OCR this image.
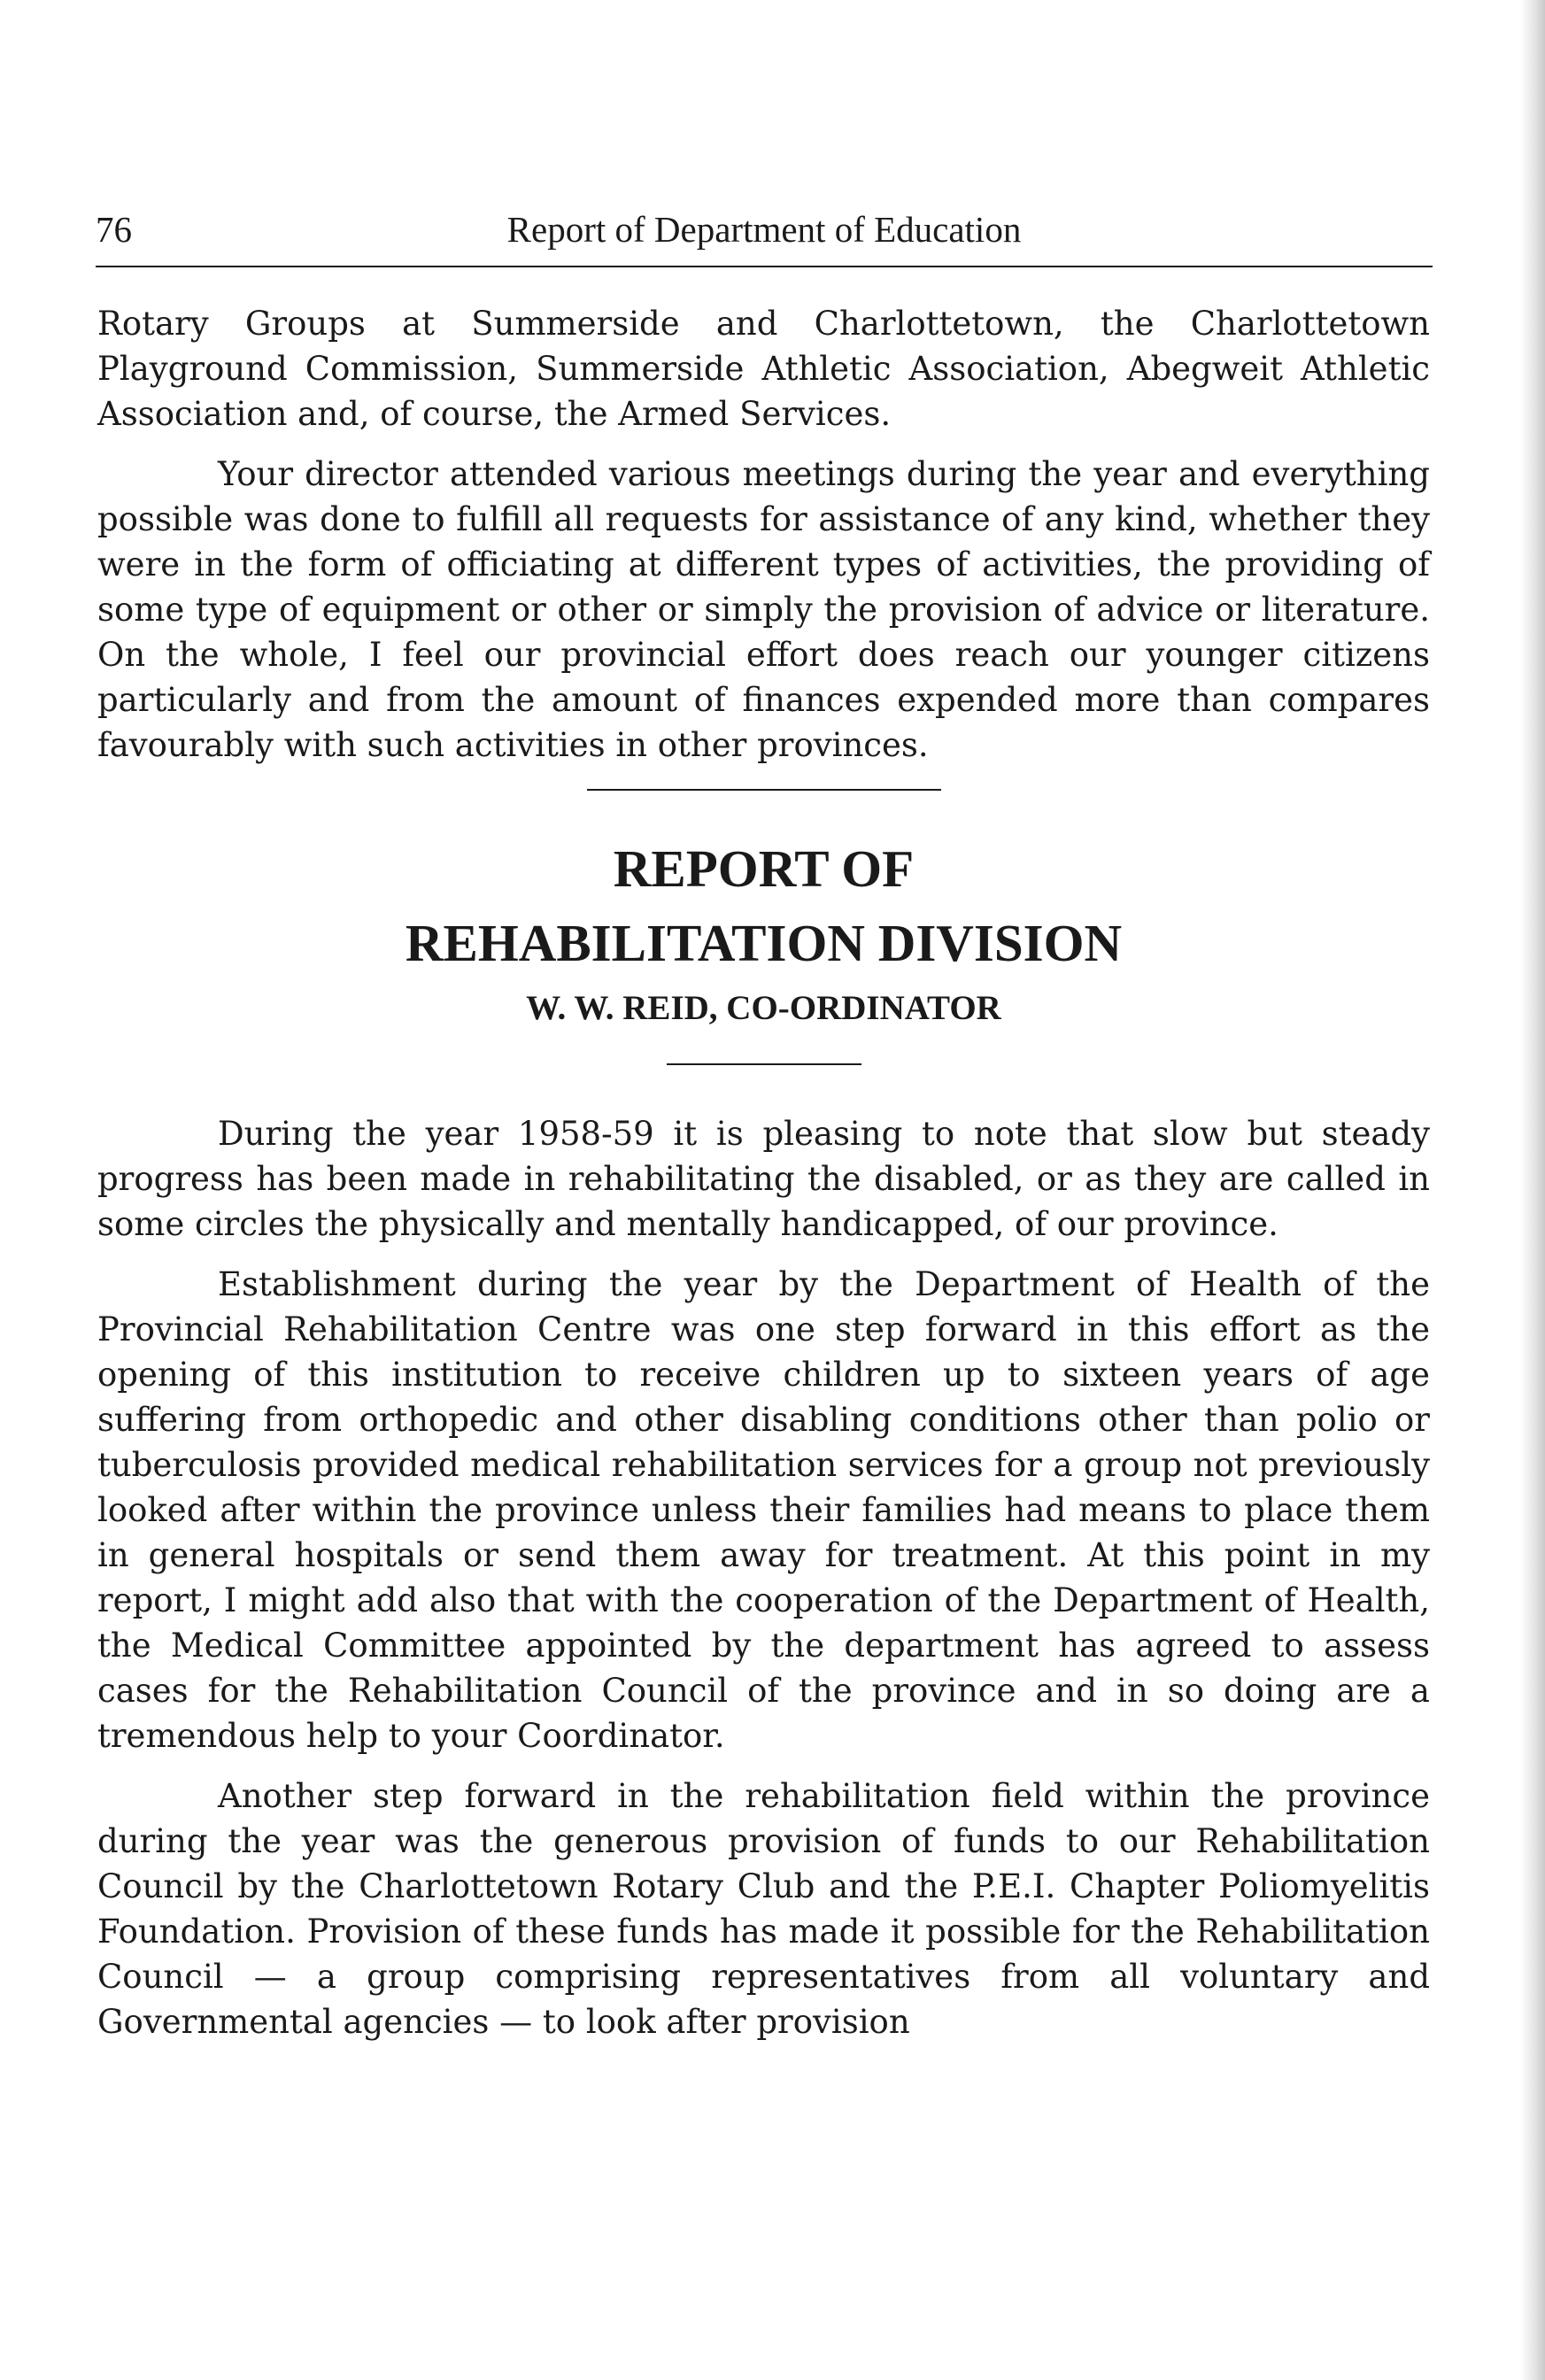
76	Report of Department of Education

Rotary Groups at Summerside and Charlottetown, the Charlottetown Playground Commission, Summerside Athletic Association, Abegweit Athletic Association and, of course, the Armed Services.

Your director attended various meetings during the year and everything possible was done to fulfill all requests for assistance of any kind, whether they were in the form of officiating at different types of activities, the providing of some type of equipment or other or simply the provision of advice or literature. On the whole, I feel our provincial effort does reach our younger citizens particularly and from the amount of finances expended more than compares favourably with such activities in other provinces.

REPORT OF
REHABILITATION DIVISION
W. W. REID, CO-ORDINATOR

During the year 1958-59 it is pleasing to note that slow but steady progress has been made in rehabilitating the disabled, or as they are called in some circles the physically and mentally handicapped, of our province.

Establishment during the year by the Department of Health of the Provincial Rehabilitation Centre was one step forward in this effort as the opening of this institution to receive children up to sixteen years of age suffering from orthopedic and other disabling conditions other than polio or tuberculosis provided medical rehabilitation services for a group not previously looked after within the province unless their families had means to place them in general hospitals or send them away for treatment. At this point in my report, I might add also that with the cooperation of the Department of Health, the Medical Committee appointed by the department has agreed to assess cases for the Rehabilitation Council of the province and in so doing are a tremendous help to your Coordinator.

Another step forward in the rehabilitation field within the province during the year was the generous provision of funds to our Rehabilitation Council by the Charlottetown Rotary Club and the P.E.I. Chapter Poliomyelitis Foundation. Provision of these funds has made it possible for the Rehabilitation Council — a group comprising representatives from all voluntary and Governmental agencies — to look after provision
